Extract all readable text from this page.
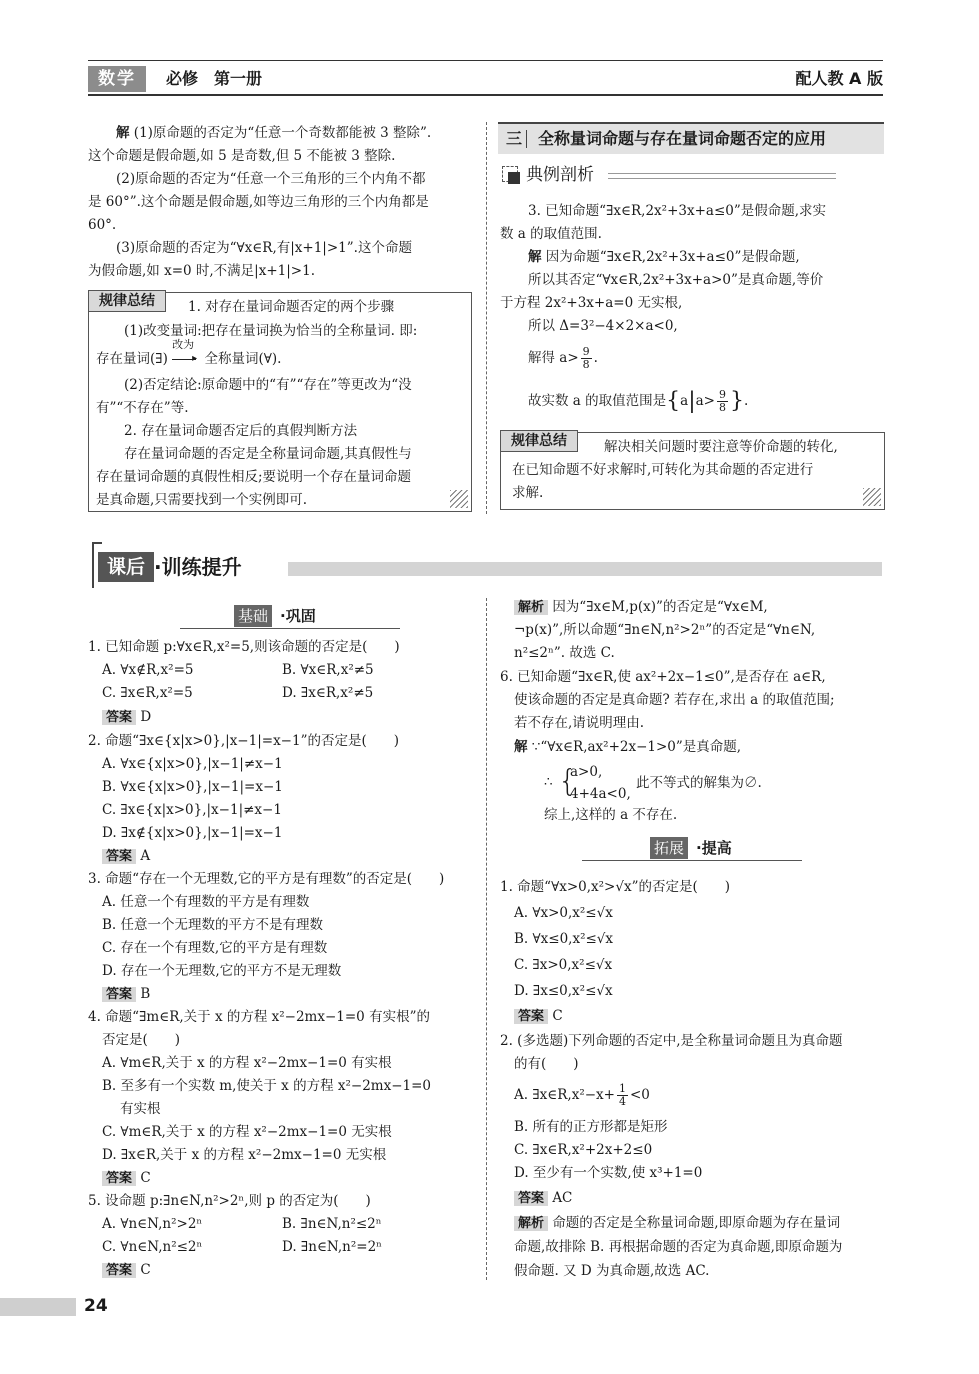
数学	必修　第一册	配人教 A 版
解 (1)原命题的否定为“任意一个奇数都能被 3 整除”.
这个命题是假命题,如 5 是奇数,但 5 不能被 3 整除.
(2)原命题的否定为“任意一个三角形的三个内角不都
是 60°”.这个命题是假命题,如等边三角形的三个内角都是
60°.
(3)原命题的否定为“∀x∈R,有|x+1|>1”.这个命题
为假命题,如 x=0 时,不满足|x+1|>1.
规律总结	1. 对存在量词命题否定的两个步骤
(1)改变量词:把存在量词换为恰当的全称量词. 即:
存在量词(∃)
改为
▸ 全称量词(∀).
(2)否定结论:原命题中的“有”“存在”等更改为“没
有”“不存在”等.
2. 存在量词命题否定后的真假判断方法
存在量词命题的否定是全称量词命题,其真假性与
存在量词命题的真假性相反;要说明一个存在量词命题
是真命题,只需要找到一个实例即可.
三 全称量词命题与存在量词命题否定的应用
典例剖析
3. 已知命题“∃x∈R,2x²+3x+a≤0”是假命题,求实
数 a 的取值范围.
解 因为命题“∃x∈R,2x²+3x+a≤0”是假命题,
所以其否定“∀x∈R,2x²+3x+a>0”是真命题,等价
于方程 2x²+3x+a=0 无实根,
所以 Δ=3²−4×2×a<0,
解得 $a> \frac{9}{8}$ .
故实数 a 的取值范围是{$a|a> \frac{9}{8}$ }.
规律总结	解决相关问题时要注意等价命题的转化,
在已知命题不好求解时,可转化为其命题的否定进行
求解.
课后 ·训练提升
基础 ·巩固
1. 已知命题 p:∀x∈R,x²=5,则该命题的否定是(　　)
A. ∀x∉R,x²=5	B. ∀x∈R,x²≠5
C. ∃x∈R,x²=5	D. ∃x∈R,x²≠5
答案 D
2. 命题“∃x∈{x|x>0},|x−1|=x−1”的否定是(　　)
A. ∀x∈{x|x>0},|x−1|≠x−1
B. ∀x∈{x|x>0},|x−1|=x−1
C. ∃x∈{x|x>0},|x−1|≠x−1
D. ∃x∉{x|x>0},|x−1|=x−1
答案 A
3. 命题“存在一个无理数,它的平方是有理数”的否定是(　　)
A. 任意一个有理数的平方是有理数
B. 任意一个无理数的平方不是有理数
C. 存在一个有理数,它的平方是有理数
D. 存在一个无理数,它的平方不是无理数
答案 B
4. 命题“∃m∈R,关于 x 的方程 x²−2mx−1=0 有实根”的
否定是(　　)
A. ∀m∈R,关于 x 的方程 x²−2mx−1=0 有实根
B. 至多有一个实数 m,使关于 x 的方程 x²−2mx−1=0
有实根
C. ∀m∈R,关于 x 的方程 x²−2mx−1=0 无实根
D. ∃x∈R,关于 x 的方程 x²−2mx−1=0 无实根
答案 C
5. 设命题 p:∃n∈N,n²>2ⁿ,则 p 的否定为(　　)
A. ∀n∈N,n²>2ⁿ	B. ∃n∈N,n²≤2ⁿ
C. ∀n∈N,n²≤2ⁿ	D. ∃n∈N,n²=2ⁿ
答案 C
解析 因为“∃x∈M,p(x)”的否定是“∀x∈M,
¬p(x)”,所以命题“∃n∈N,n²>2ⁿ”的否定是“∀n∈N,
n²≤2ⁿ”. 故选 C.
6. 已知命题“∃x∈R,使 ax²+2x−1≤0”,是否存在 a∈R,
使该命题的否定是真命题? 若存在,求出 a 的取值范围;
若不存在,请说明理由.
解 ∵“∀x∈R,ax²+2x−1>0”是真命题,
∴ {
a>0,
4+4a<0,
此不等式的解集为∅.
综上,这样的 a 不存在.
拓展 ·提高
1. 命题“∀x>0,x²>√x”的否定是(　　)
A. ∀x>0,x²≤√x
B. ∀x≤0,x²≤√x
C. ∃x>0,x²≤√x
D. ∃x≤0,x²≤√x
答案 C
2. (多选题)下列命题的否定中,是全称量词命题且为真命题
的有(　　)
A. ∃x∈R,x²−x+ $\frac{1}{4} <0$
B. 所有的正方形都是矩形
C. ∃x∈R,x²+2x+2≤0
D. 至少有一个实数,使 x³+1=0
答案 AC
解析 命题的否定是全称量词命题,即原命题为存在量词
命题,故排除 B. 再根据命题的否定为真命题,即原命题为
假命题. 又 D 为真命题,故选 AC.
24
